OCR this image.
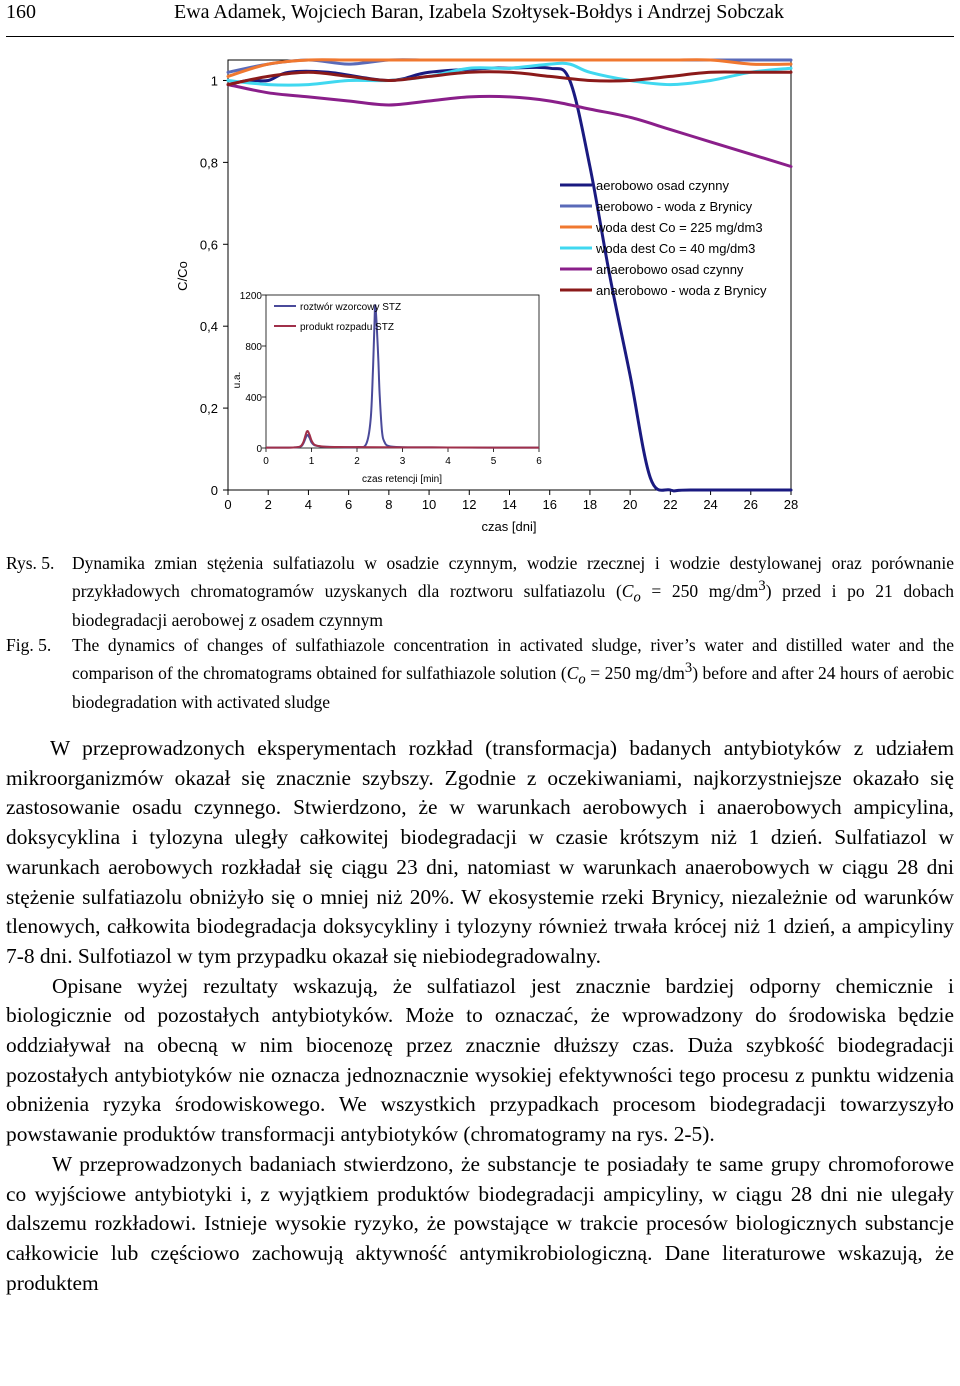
160	Ewa Adamek, Wojciech Baran, Izabela Szołtysek-Bołdys i Andrzej Sobczak
0
0,2
0,4
0,6
0,8
1
0	2	4	6	8 10 12 14 16 18 20 22 24 26 28
0
400
800
1200
0	1	2	3	4	5	6
aerobowo osad czynny
aerobowo - woda z Brynicy
woda dest Co = 225 mg/dm3
woda dest Co = 40 mg/dm3
anaerobowo osad czynny
anaerobowo - woda z Brynicy
roztwór wzorcowy STZ
produkt rozpadu STZ
czas [dni]
C/Co
czas retencji [min]
u.a.
Rys. 5. Dynamika zmian stężenia sulfatiazolu w osadzie czynnym, wodzie rzecznej i wodzie destylowanej oraz porównanie przykładowych chromatogramów uzyskanych dla roztworu sulfatiazolu ($C_o = 250$ $mg/dm^3$) przed i po 21 dobach biodegradacji aerobowej z osadem czynnym
Fig. 5. The dynamics of changes of sulfathiazole concentration in activated sludge, river’s water and distilled water and the comparison of the chromatograms obtained for sulfathiazole solution ($C_o = 250$ $mg/dm^3$) before and after 24 hours of aerobic biodegradation with activated sludge

W przeprowadzonych eksperymentach rozkład (transformacja) badanych antybiotyków z udziałem mikroorganizmów okazał się znacznie szybszy. Zgodnie z oczekiwaniami, najkorzystniejsze okazało się zastosowanie osadu czynnego. Stwierdzono, że w warunkach aerobowych i anaerobowych ampicylina, doksycyklina i tylozyna uległy całkowitej biodegradacji w czasie krótszym niż 1 dzień. Sulfatiazol w warunkach aerobowych rozkładał się ciągu 23 dni, natomiast w warunkach anaerobowych w ciągu 28 dni stężenie sulfatiazolu obniżyło się o mniej niż 20%. W ekosystemie rzeki Brynicy, niezależnie od warunków tlenowych, całkowita biodegradacja doksycykliny i tylozyny również trwała krócej niż 1 dzień, a ampicyliny 7-8 dni. Sulfotiazol w tym przypadku okazał się niebiodegradowalny.

Opisane wyżej rezultaty wskazują, że sulfatiazol jest znacznie bardziej odporny chemicznie i biologicznie od pozostałych antybiotyków. Może to oznaczać, że wprowadzony do środowiska będzie oddziaływał na obecną w nim biocenozę przez znacznie dłuższy czas. Duża szybkość biodegradacji pozostałych antybiotyków nie oznacza jednoznacznie wysokiej efektywności tego procesu z punktu widzenia obniżenia ryzyka środowiskowego. We wszystkich przypadkach procesom biodegradacji towarzyszyło powstawanie produktów transformacji antybiotyków (chromatogramy na rys. 2-5).

W przeprowadzonych badaniach stwierdzono, że substancje te posiadały te same grupy chromoforowe co wyjściowe antybiotyki i, z wyjątkiem produktów biodegradacji ampicyliny, w ciągu 28 dni nie ulegały dalszemu rozkładowi. Istnieje wysokie ryzyko, że powstające w trakcie procesów biologicznych substancje całkowicie lub częściowo zachowują aktywność antymikrobiologiczną. Dane literaturowe wskazują, że produktem
